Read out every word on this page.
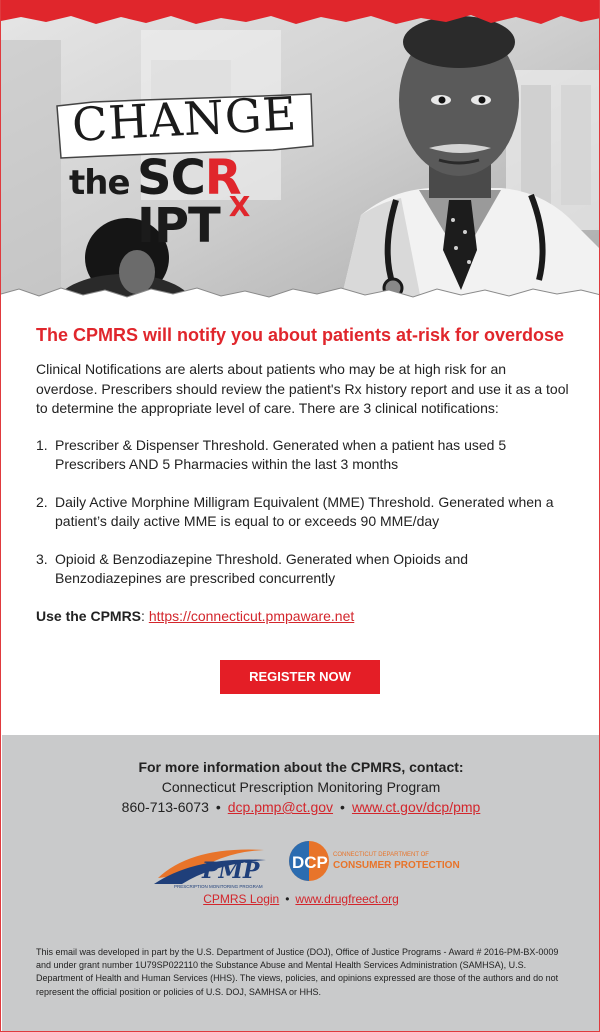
CHANGE
the SCRXIPT
The CPMRS will notify you about patients at-risk for overdose

Clinical Notifications are alerts about patients who may be at high risk for an overdose. Prescribers should review the patient's Rx history report and use it as a tool to determine the appropriate level of care. There are 3 clinical notifications:

1. Prescriber & Dispenser Threshold. Generated when a patient has used 5 Prescribers AND 5 Pharmacies within the last 3 months
2. Daily Active Morphine Milligram Equivalent (MME) Threshold. Generated when a patient’s daily active MME is equal to or exceeds 90 MME/day
3. Opioid & Benzodiazepine Threshold. Generated when Opioids and Benzodiazepines are prescribed concurrently

Use the CPMRS: https://connecticut.pmpaware.net

REGISTER NOW
For more information about the CPMRS, contact:
Connecticut Prescription Monitoring Program
860-713-6073 • dcp.pmp@ct.gov • www.ct.gov/dcp/pmp
PMP
PRESCRIPTION MONITORING PROGRAM
DCP CONNECTICUT DEPARTMENT OF
CONSUMER PROTECTION
CPMRS Login • www.drugfreect.org

This email was developed in part by the U.S. Department of Justice (DOJ), Office of Justice Programs - Award # 2016-PM-BX-0009 and under grant number 1U79SP022110 the Substance Abuse and Mental Health Services Administration (SAMHSA), U.S. Department of Health and Human Services (HHS). The views, policies, and opinions expressed are those of the authors and do not represent the official position or policies of U.S. DOJ, SAMHSA or HHS.
